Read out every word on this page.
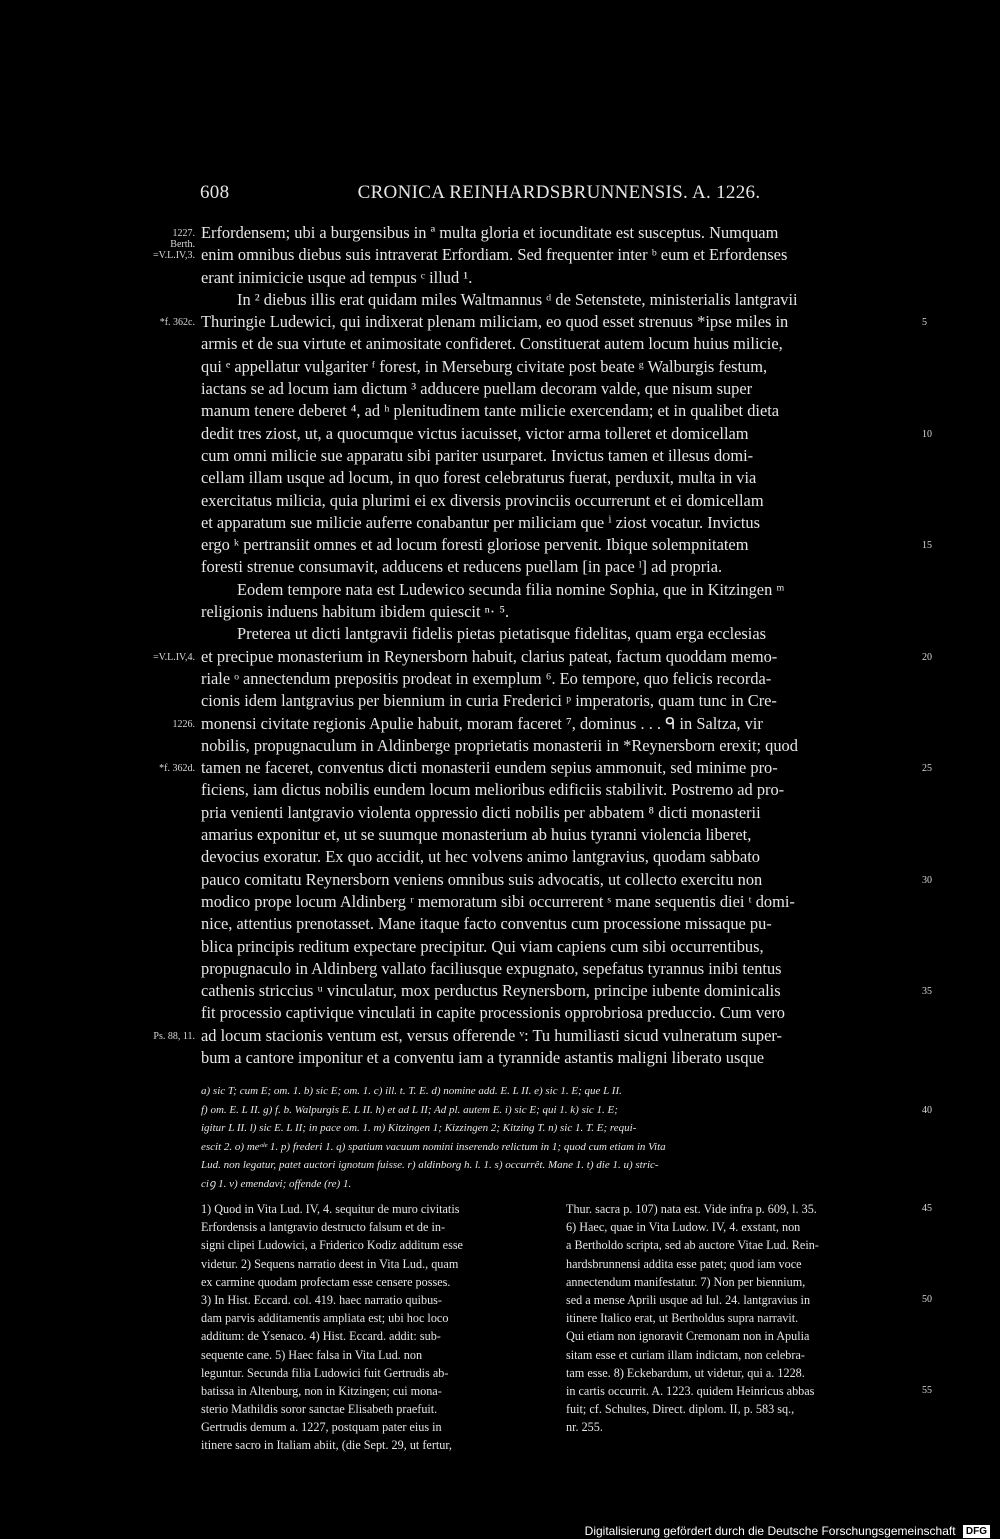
608	CRONICA REINHARDSBRUNNENSIS. A. 1226.
1227.
Berth.
=V.L.IV,3.
*f. 362c.
=V.L.IV,4.
1226.
*f. 362d.
Ps. 88, 11.
5
10
15
20
25
30
35
40
45
50
55
Erfordensem; ubi a burgensibus in ª multa gloria et iocunditate est susceptus. Numquam
enim omnibus diebus suis intraverat Erfordiam. Sed frequenter inter ᵇ eum et Erfordenses
erant inimicicie usque ad tempus ᶜ illud ¹.
In ² diebus illis erat quidam miles Waltmannus ᵈ de Setenstete, ministerialis lantgravii
Thuringie Ludewici, qui indixerat plenam miliciam, eo quod esset strenuus *ipse miles in
armis et de sua virtute et animositate confideret. Constituerat autem locum huius milicie,
qui ᵉ appellatur vulgariter ᶠ forest, in Merseburg civitate post beate ᵍ Walburgis festum,
iactans se ad locum iam dictum ³ adducere puellam decoram valde, que nisum super
manum tenere deberet ⁴, ad ʰ plenitudinem tante milicie exercendam; et in qualibet dieta
dedit tres ziost, ut, a quocumque victus iacuisset, victor arma tolleret et domicellam
cum omni milicie sue apparatu sibi pariter usurparet. Invictus tamen et illesus domi-
cellam illam usque ad locum, in quo forest celebraturus fuerat, perduxit, multa in via
exercitatus milicia, quia plurimi ei ex diversis provinciis occurrerunt et ei domicellam
et apparatum sue milicie auferre conabantur per miliciam que ⁱ ziost vocatur. Invictus
ergo ᵏ pertransiit omnes et ad locum foresti gloriose pervenit. Ibique solempnitatem
foresti strenue consumavit, adducens et reducens puellam [in pace ˡ] ad propria.
Eodem tempore nata est Ludewico secunda filia nomine Sophia, que in Kitzingen ᵐ
religionis induens habitum ibidem quiescit ⁿ· ⁵.
Preterea ut dicti lantgravii fidelis pietas pietatisque fidelitas, quam erga ecclesias
et precipue monasterium in Reynersborn habuit, clarius pateat, factum quoddam memo-
riale ᵒ annectendum prepositis prodeat in exemplum ⁶. Eo tempore, quo felicis recorda-
cionis idem lantgravius per biennium in curia Frederici ᵖ imperatoris, quam tunc in Cre-
monensi civitate regionis Apulie habuit, moram faceret ⁷, dominus . . . ᑫ in Saltza, vir
nobilis, propugnaculum in Aldinberge proprietatis monasterii in *Reynersborn erexit; quod
tamen ne faceret, conventus dicti monasterii eundem sepius ammonuit, sed minime pro-
ficiens, iam dictus nobilis eundem locum melioribus edificiis stabilivit. Postremo ad pro-
pria venienti lantgravio violenta oppressio dicti nobilis per abbatem ⁸ dicti monasterii
amarius exponitur et, ut se suumque monasterium ab huius tyranni violencia liberet,
devocius exoratur. Ex quo accidit, ut hec volvens animo lantgravius, quodam sabbato
pauco comitatu Reynersborn veniens omnibus suis advocatis, ut collecto exercitu non
modico prope locum Aldinberg ʳ memoratum sibi occurrerent ˢ mane sequentis diei ᵗ domi-
nice, attentius prenotasset. Mane itaque facto conventus cum processione missaque pu-
blica principis reditum expectare precipitur. Qui viam capiens cum sibi occurrentibus,
propugnaculo in Aldinberg vallato faciliusque expugnato, sepefatus tyrannus inibi tentus
cathenis striccius ᵘ vinculatur, mox perductus Reynersborn, principe iubente dominicalis
fit processio captivique vinculati in capite processionis opprobriosa preduccio. Cum vero
ad locum stacionis ventum est, versus offerende ᵛ: Tu humiliasti sicud vulneratum super-
bum a cantore imponitur et a conventu iam a tyrannide astantis maligni liberato usque
a) sic T; cum E; om. 1. b) sic E; om. 1. c) ill. t. T. E. d) nomine add. E. L II. e) sic 1. E; que L II.
f) om. E. L II. g) f. b. Walpurgis E. L II. h) et ad L II; Ad pl. autem E. i) sic E; qui 1. k) sic 1. E;
igitur L II. l) sic E. L II; in pace om. 1. m) Kitzingen 1; Kizzingen 2; Kitzing T. n) sic 1. T. E; requi-
escit 2. o) meᵒˡᵉ 1. p) frederi 1. q) spatium vacuum nomini inserendo relictum in 1; quod cum etiam in Vita
Lud. non legatur, patet auctori ignotum fuisse. r) aldinborg h. l. 1. s) occurrêt. Mane 1. t) die 1. u) stric-
ciꝯ 1. v) emendavi; offende (re) 1.
1) Quod in Vita Lud. IV, 4. sequitur de muro civitatis
Erfordensis a lantgravio destructo falsum et de in-
signi clipei Ludowici, a Friderico Kodiz additum esse
videtur. 2) Sequens narratio deest in Vita Lud., quam
ex carmine quodam profectam esse censere posses.
3) In Hist. Eccard. col. 419. haec narratio quibus-
dam parvis additamentis ampliata est; ubi hoc loco
additum: de Ysenaco. 4) Hist. Eccard. addit: sub-
sequente cane. 5) Haec falsa in Vita Lud. non
leguntur. Secunda filia Ludowici fuit Gertrudis ab-
batissa in Altenburg, non in Kitzingen; cui mona-
sterio Mathildis soror sanctae Elisabeth praefuit.
Gertrudis demum a. 1227, postquam pater eius in
itinere sacro in Italiam abiit, (die Sept. 29, ut fertur,
Thur. sacra p. 107) nata est. Vide infra p. 609, l. 35.
6) Haec, quae in Vita Ludow. IV, 4. exstant, non
a Bertholdo scripta, sed ab auctore Vitae Lud. Rein-
hardsbrunnensi addita esse patet; quod iam voce
annectendum manifestatur. 7) Non per biennium,
sed a mense Aprili usque ad Iul. 24. lantgravius in
itinere Italico erat, ut Bertholdus supra narravit.
Qui etiam non ignoravit Cremonam non in Apulia
sitam esse et curiam illam indictam, non celebra-
tam esse. 8) Eckebardum, ut videtur, qui a. 1228.
in cartis occurrit. A. 1223. quidem Heinricus abbas
fuit; cf. Schultes, Direct. diplom. II, p. 583 sq.,
nr. 255.
Digitalisierung gefördert durch die Deutsche Forschungsgemeinschaft DFG
